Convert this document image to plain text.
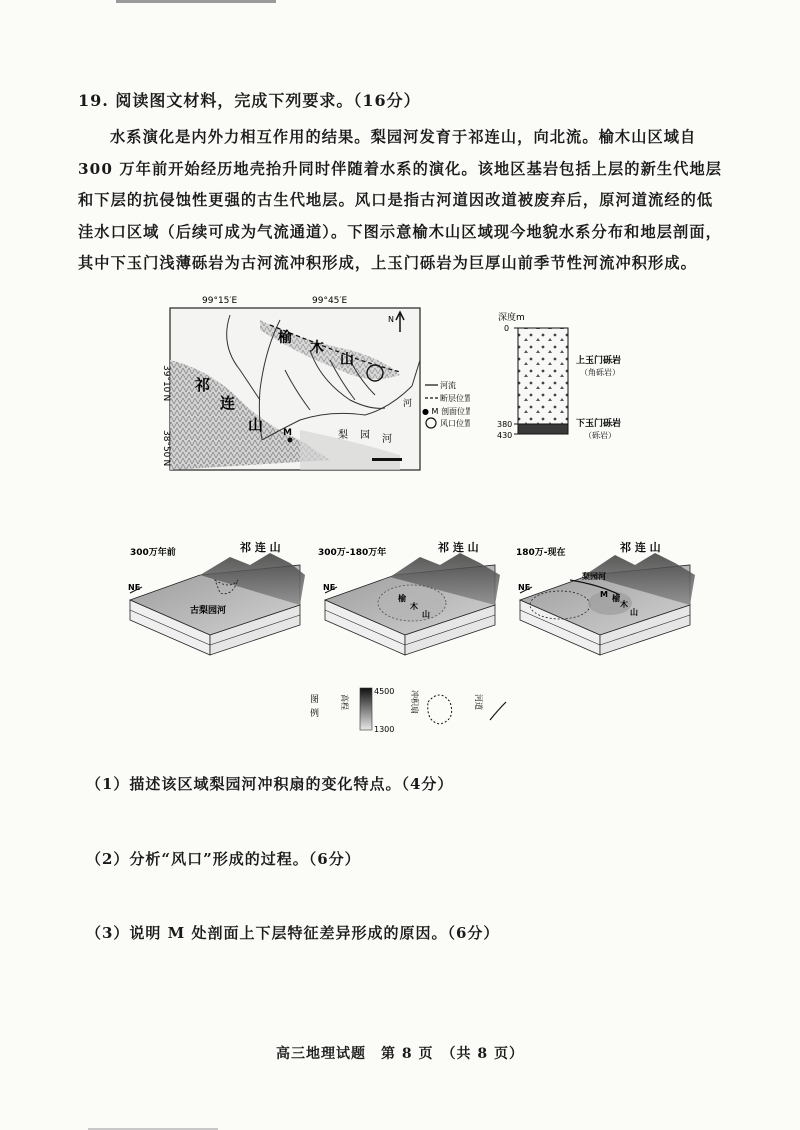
19. 阅读图文材料，完成下列要求。（16分）
水系演化是内外力相互作用的结果。梨园河发育于祁连山，向北流。榆木山区域自
300 万年前开始经历地壳抬升同时伴随着水系的演化。该地区基岩包括上层的新生代地层
和下层的抗侵蚀性更强的古生代地层。风口是指古河道因改道被废弃后，原河道流经的低
洼水口区域（后续可成为气流通道）。下图示意榆木山区域现今地貌水系分布和地层剖面，
其中下玉门浅薄砾岩为古河流冲积形成，上玉门砾岩为巨厚山前季节性河流冲积形成。
99°15′E	99°45′E
M
榆
木
山
祁
连
山
河
梨 园 河
39°10′N
38°50′N
N
河流
断层位置
● M 剖面位置
风口位置
深度m
0
380
430
上玉门砾岩
（角砾岩）
下玉门砾岩
（砾岩）
300万年前	祁 连 山
古梨园河
NE
300万-180万年	祁 连 山
榆
木
山
NE
180万-现在	祁 连 山
梨园河
M 榆
木
山
NE
图
例
高程
4500
1300
冲积扇	河道
（1）描述该区域梨园河冲积扇的变化特点。（4分）
（2）分析“风口”形成的过程。（6分）
（3）说明 M 处剖面上下层特征差异形成的原因。（6分）
高三地理试题　第 8 页　（共 8 页）
